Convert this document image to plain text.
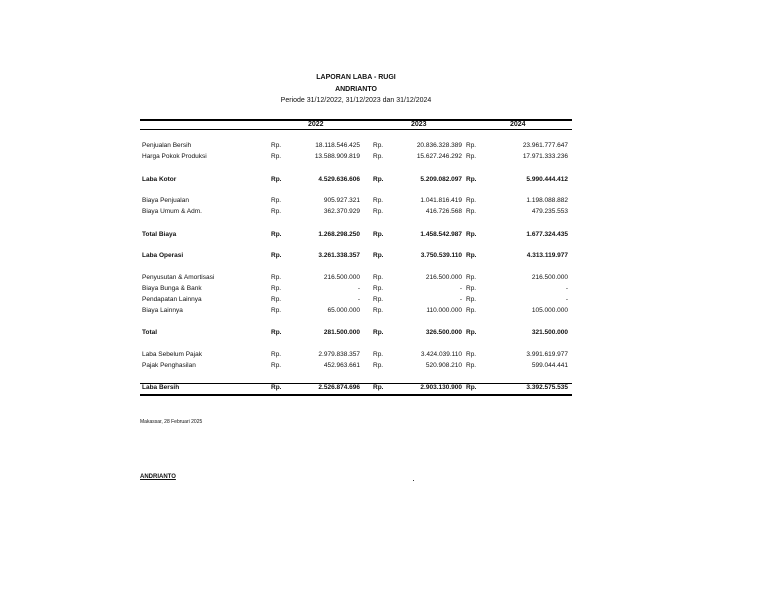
LAPORAN LABA - RUGI
ANDRIANTO
Periode 31/12/2022, 31/12/2023 dan 31/12/2024
2022	2023	2024
Penjualan Bersih	Rp.	18.118.546.425 Rp.	20.836.328.389 Rp.	23.961.777.647
Harga Pokok Produksi	Rp.	13.588.909.819 Rp.	15.627.246.292 Rp.	17.971.333.236
Laba Kotor	Rp.	4.529.636.606 Rp.	5.209.082.097 Rp.	5.990.444.412
Biaya Penjualan	Rp.	905.927.321 Rp.	1.041.816.419 Rp.	1.198.088.882
Biaya Umum & Adm.	Rp.	362.370.929 Rp.	416.726.568 Rp.	479.235.553
Total Biaya	Rp.	1.268.298.250 Rp.	1.458.542.987 Rp.	1.677.324.435
Laba Operasi	Rp.	3.261.338.357 Rp.	3.750.539.110 Rp.	4.313.119.977
Penyusutan & Amortisasi	Rp.	216.500.000 Rp.	216.500.000 Rp.	216.500.000
Biaya Bunga & Bank	Rp.	- Rp.	- Rp.	-
Pendapatan Lainnya	Rp.	- Rp.	- Rp.	-
Biaya Lainnya	Rp.	65.000.000 Rp.	110.000.000 Rp.	105.000.000
Total	Rp.	281.500.000 Rp.	326.500.000 Rp.	321.500.000
Laba Sebelum Pajak	Rp.	2.979.838.357 Rp.	3.424.039.110 Rp.	3.991.619.977
Pajak Penghasilan	Rp.	452.963.661 Rp.	520.908.210 Rp.	599.044.441
Laba Bersih	Rp.	2.526.874.696 Rp.	2.903.130.900 Rp.	3.392.575.535
Makassar, 28 Februari 2025
ANDRIANTO
